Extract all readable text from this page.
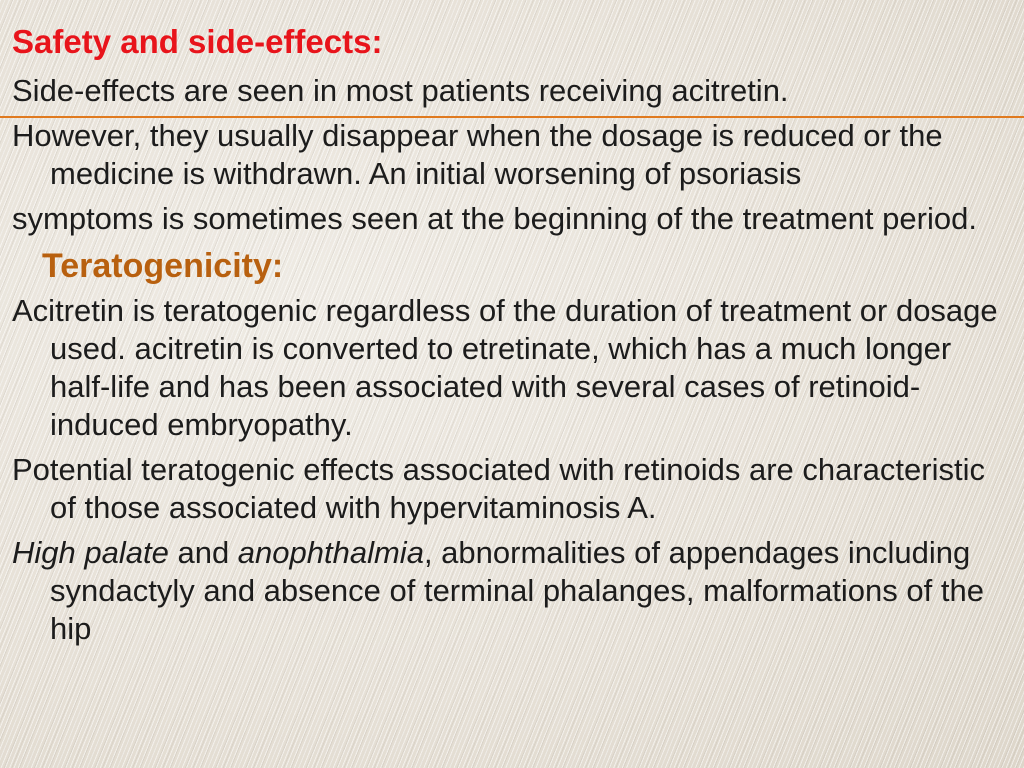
Safety and side-effects:

Side-effects are seen in most patients receiving acitretin.

However, they usually disappear when the dosage is reduced or the medicine is withdrawn. An initial worsening of psoriasis

symptoms is sometimes seen at the beginning of the treatment period.

Teratogenicity:

Acitretin is teratogenic regardless of the duration of treatment or dosage used. acitretin is converted to etretinate, which has a much longer half-life and has been associated with several cases of retinoid-induced embryopathy.

Potential teratogenic effects associated with retinoids are characteristic of those associated with hypervitaminosis A.

High palate and anophthalmia, abnormalities of appendages including syndactyly and absence of terminal phalanges, malformations of the hip
